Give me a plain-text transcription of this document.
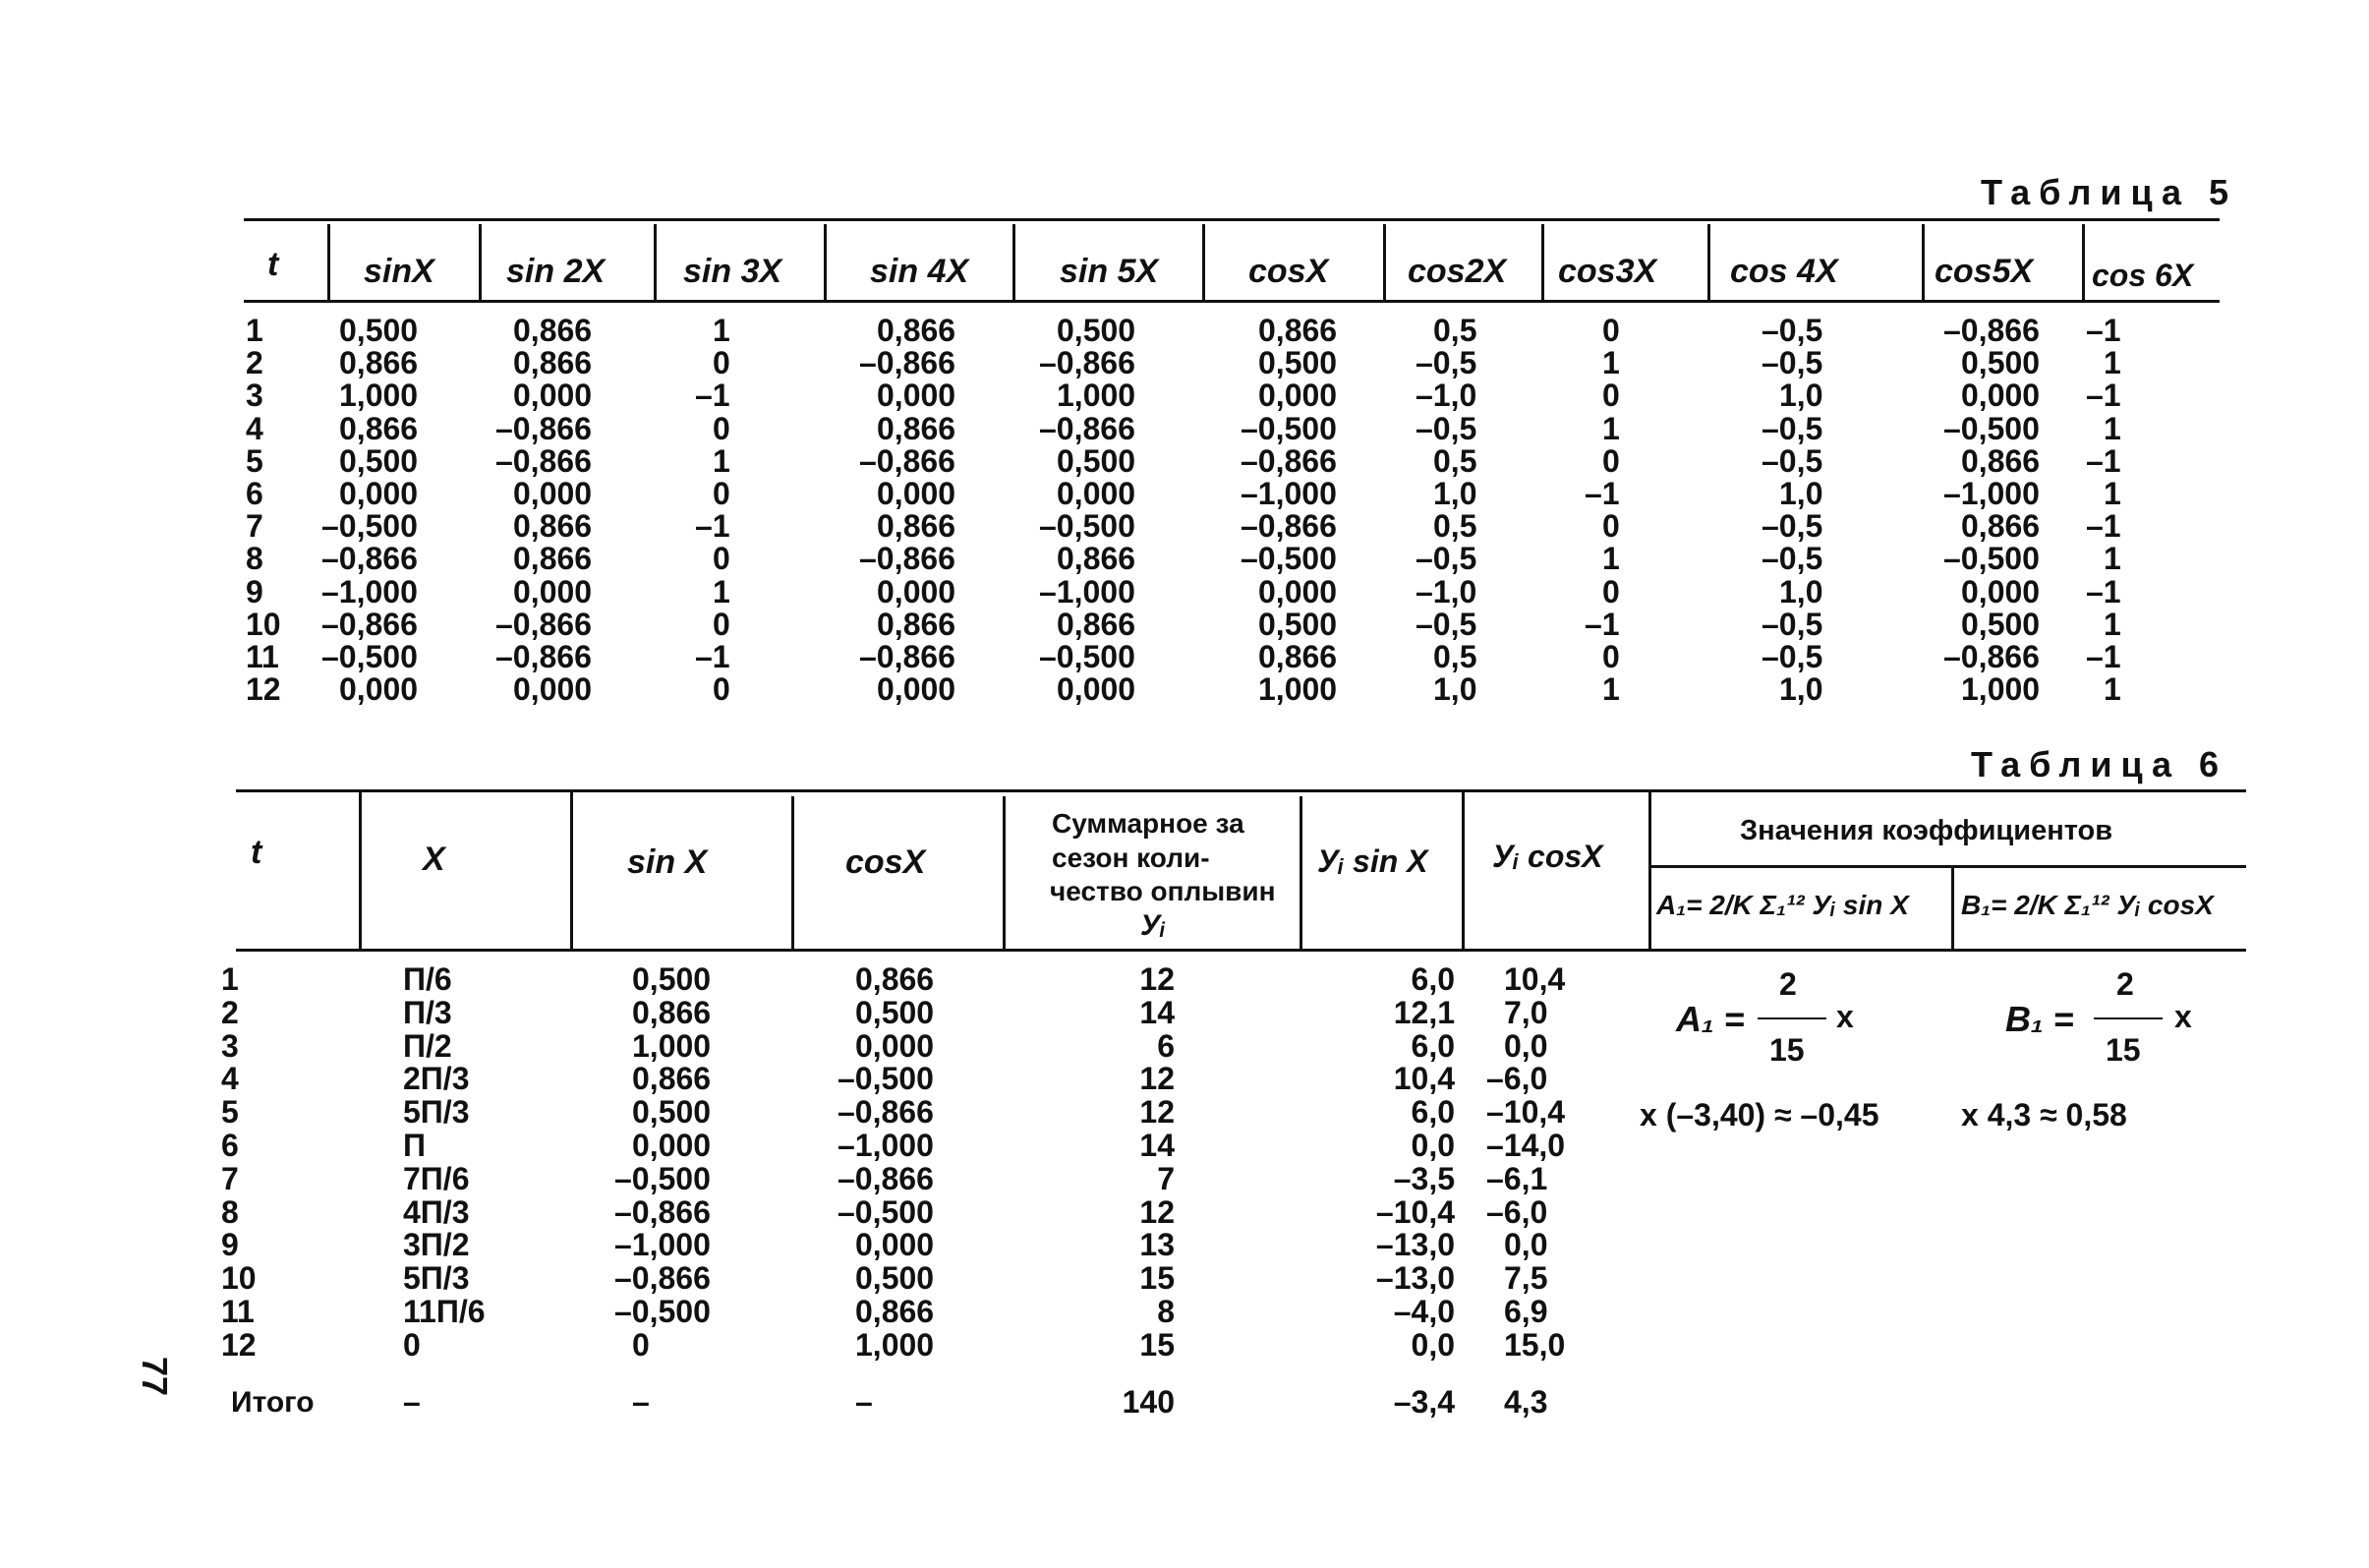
Таблица 5
t	sinX sin 2X sin 3X	sin 4X	sin 5X	cosX cos2X cos3X cos 4X	cos5X cos 6X
1 0,500	0,866	1	0,866	0,500	0,866	0,5	0	–0,5	–0,866 –1
2 0,866	0,866	0	–0,866	–0,866	0,500 –0,5	1	–0,5	0,500 1
3 1,000	0,000	–1	0,000	1,000	0,000 –1,0	0	1,0	0,000 –1
4 0,866 –0,866	0	0,866	–0,866	–0,500	–0,5	1	–0,5	–0,500 1
5 0,500 –0,866	1	–0,866	0,500	–0,866	0,5	0	–0,5	0,866 –1
6 0,000	0,000	0	0,000	0,000	–1,000	1,0	–1	1,0	–1,000 1
7 –0,500	0,866	–1	0,866	–0,500	–0,866	0,5	0	–0,5	0,866 –1
8 –0,866	0,866	0	–0,866	0,866	–0,500	–0,5	1	–0,5	–0,500 1
9 –1,000	0,000	1	0,000	–1,000	0,000 –1,0	0	1,0	0,000 –1
10 –0,866 –0,866	0	0,866	0,866	0,500 –0,5	–1	–0,5	0,500 1
11 –0,500 –0,866	–1	–0,866	–0,500	0,866	0,5	0	–0,5	–0,866 –1
12 0,000	0,000	0	0,000	0,000	1,000	1,0	1	1,0	1,000 1
Таблица 6
t	X	sin X	cosX
Суммарное за
сезон коли-
чество оплывин
Уᵢ
Уᵢ sin X Уᵢ cosX
Значения коэффициентов
A₁= 2/K Σ₁¹² Уᵢ sin X B₁= 2/K Σ₁¹² Уᵢ cosX
1	П/6	0,500	0,866	12	6,0 10,4
2	П/3	0,866	0,500	14	12,1 7,0
3	П/2	1,000	0,000	6	6,0 0,0
4	2П/3	0,866	–0,500	12	10,4 –6,0
5	5П/3	0,500	–0,866	12	6,0 –10,4
6	П	0,000	–1,000	14	0,0 –14,0
7	7П/6	–0,500	–0,866	7	–3,5 –6,1
8	4П/3	–0,866	–0,500	12	–10,4 –6,0
9	3П/2	–1,000	0,000	13	–13,0 0,0
10	5П/3	–0,866	0,500	15	–13,0 7,5
11	11П/6	–0,500	0,866	8	–4,0 6,9
12	0	0	1,000	15	0,0 15,0
Итого	–	–	–	140	–3,4 4,3
A₁ =
2
15
x
x (–3,40) ≈ –0,45
B₁ =
2
15
x
x 4,3 ≈ 0,58
77
